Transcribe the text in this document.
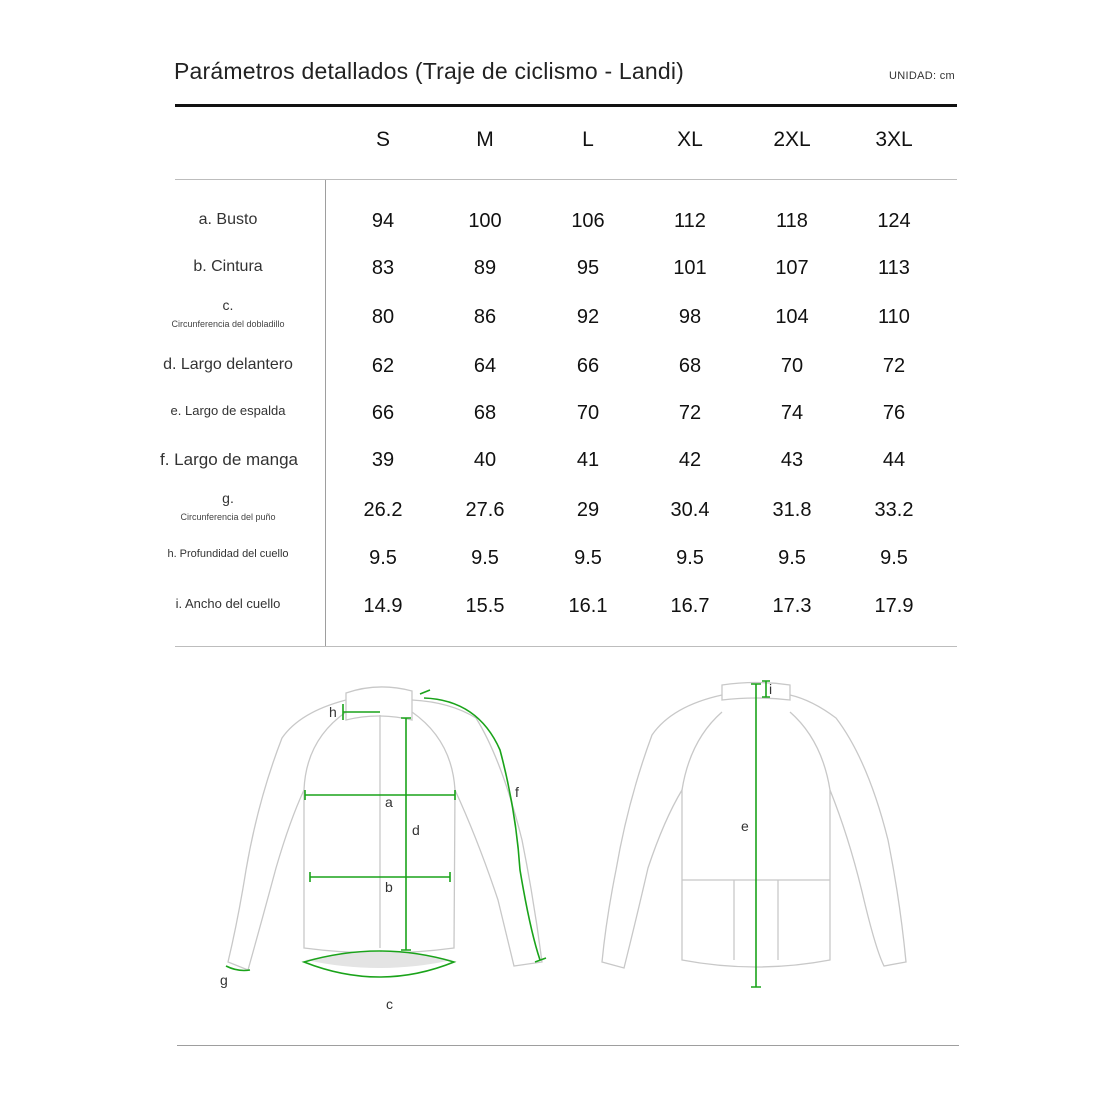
Parámetros detallados (Traje de ciclismo - Landi)	UNIDAD: cm
S	M	L	XL	2XL	3XL
a. Busto	94	100	106	112	118	124
b. Cintura	83	89	95	101	107	113
c.
Circunferencia del dobladillo	80	86	92	98	104	110
d. Largo delantero	62	64	66	68	70	72
e. Largo de espalda	66	68	70	72	74	76
f. Largo de manga	39	40	41	42	43	44
g.
Circunferencia del puño	26.2	27.6	29	30.4	31.8	33.2
h. Profundidad del cuello	9.5	9.5	9.5	9.5	9.5	9.5
i. Ancho del cuello	14.9	15.5	16.1	16.7	17.3	17.9
a
b
c
d	e
f
g
h
i
